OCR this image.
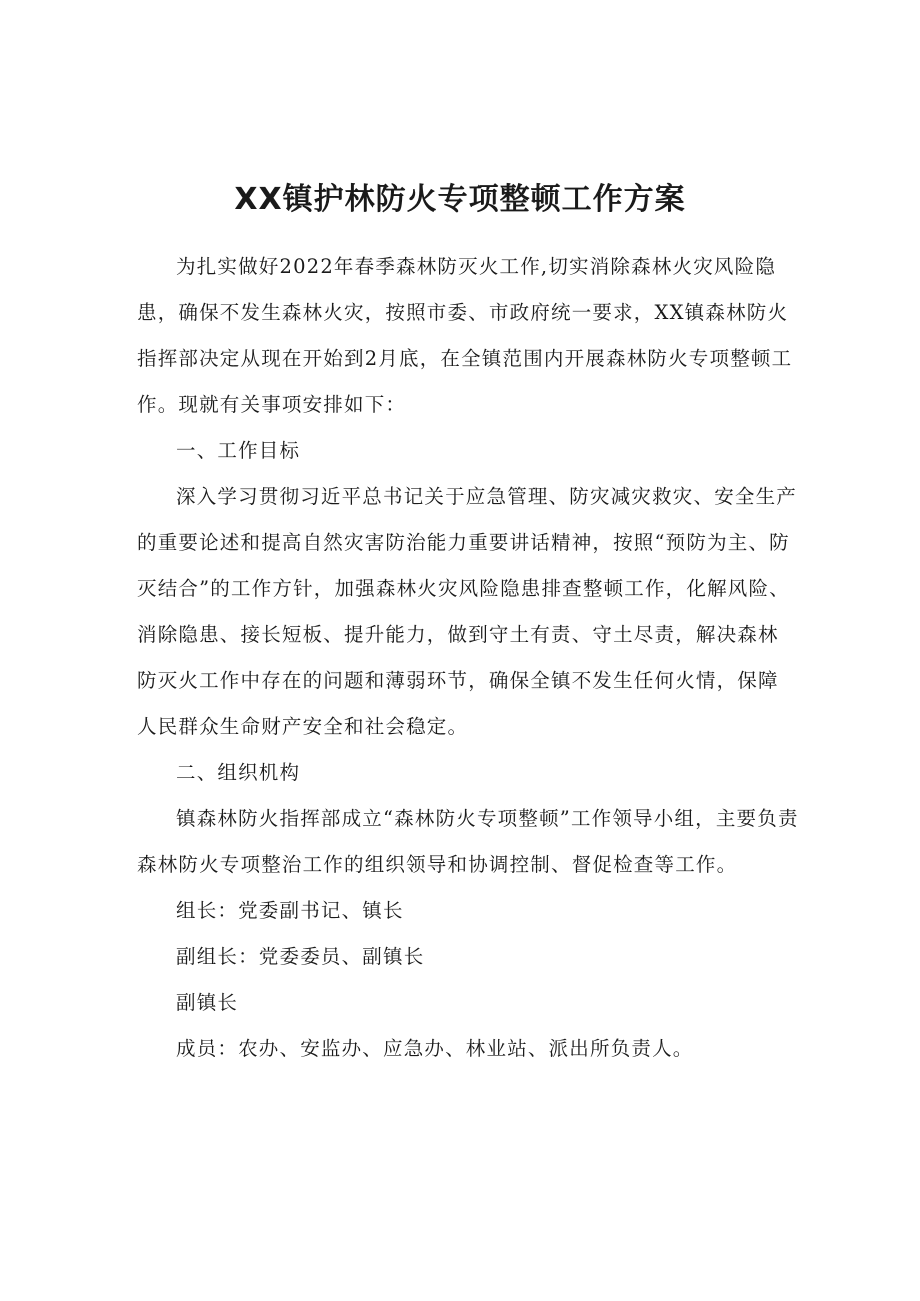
XX镇护林防火专项整顿工作方案

为扎实做好2022年春季森林防灭火工作,切实消除森林火灾风险隐患，确保不发生森林火灾，按照市委、市政府统一要求，XX镇森林防火指挥部决定从现在开始到2月底，在全镇范围内开展森林防火专项整顿工作。现就有关事项安排如下：

一、工作目标

深入学习贯彻习近平总书记关于应急管理、防灾减灾救灾、安全生产的重要论述和提高自然灾害防治能力重要讲话精神，按照“预防为主、防灭结合”的工作方针，加强森林火灾风险隐患排查整顿工作，化解风险、消除隐患、接长短板、提升能力，做到守土有责、守土尽责，解决森林防灭火工作中存在的问题和薄弱环节，确保全镇不发生任何火情，保障人民群众生命财产安全和社会稳定。

二、组织机构

镇森林防火指挥部成立“森林防火专项整顿”工作领导小组，主要负责森林防火专项整治工作的组织领导和协调控制、督促检查等工作。

组长：党委副书记、镇长

副组长：党委委员、副镇长

副镇长

成员：农办、安监办、应急办、林业站、派出所负责人。
